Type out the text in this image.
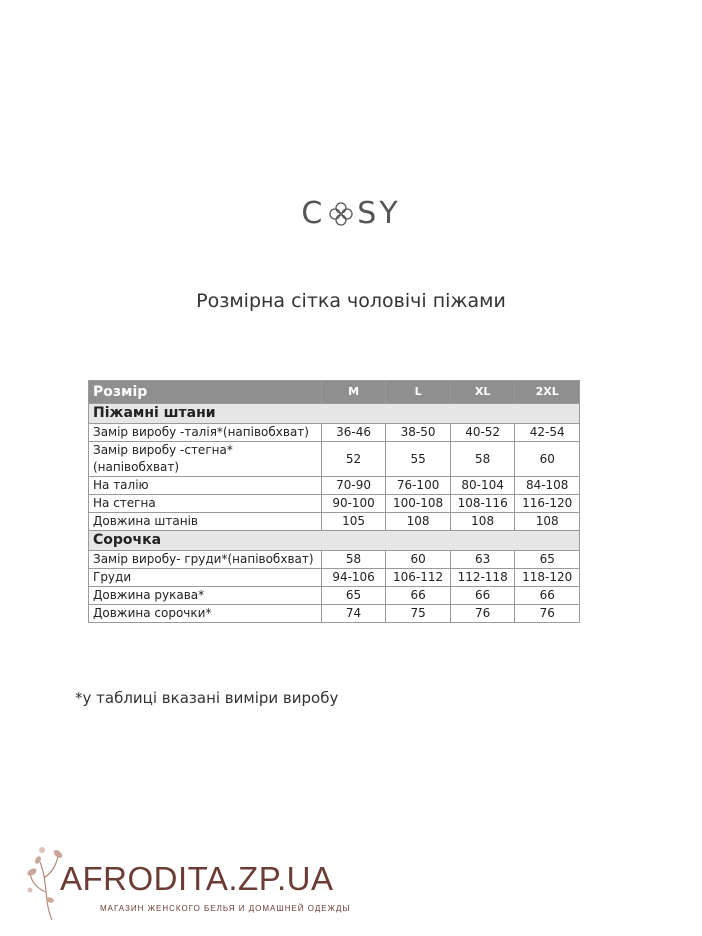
C SY
Розмірна сітка чоловічі піжами
Розмір	M	L	XL	2XL
Піжамні штани				
Замір виробу -талія*(напівобхват)	36-46	38-50	40-52	42-54
Замір виробу -стегна*(напівобхват)	52	55	58	60
На талію	70-90	76-100	80-104	84-108
На стегна	90-100	100-108	108-116	116-120
Довжина штанів	105	108	108	108
Сорочка				
Замір виробу- груди*(напівобхват)	58	60	63	65
Груди	94-106	106-112	112-118	118-120
Довжина рукава*	65	66	66	66
Довжина сорочки*	74	75	76	76
*у таблиці вказані виміри виробу
AFRODITA.ZP.UA
МАГАЗИН ЖЕНСКОГО БЕЛЬЯ И ДОМАШНЕЙ ОДЕЖДЫ
